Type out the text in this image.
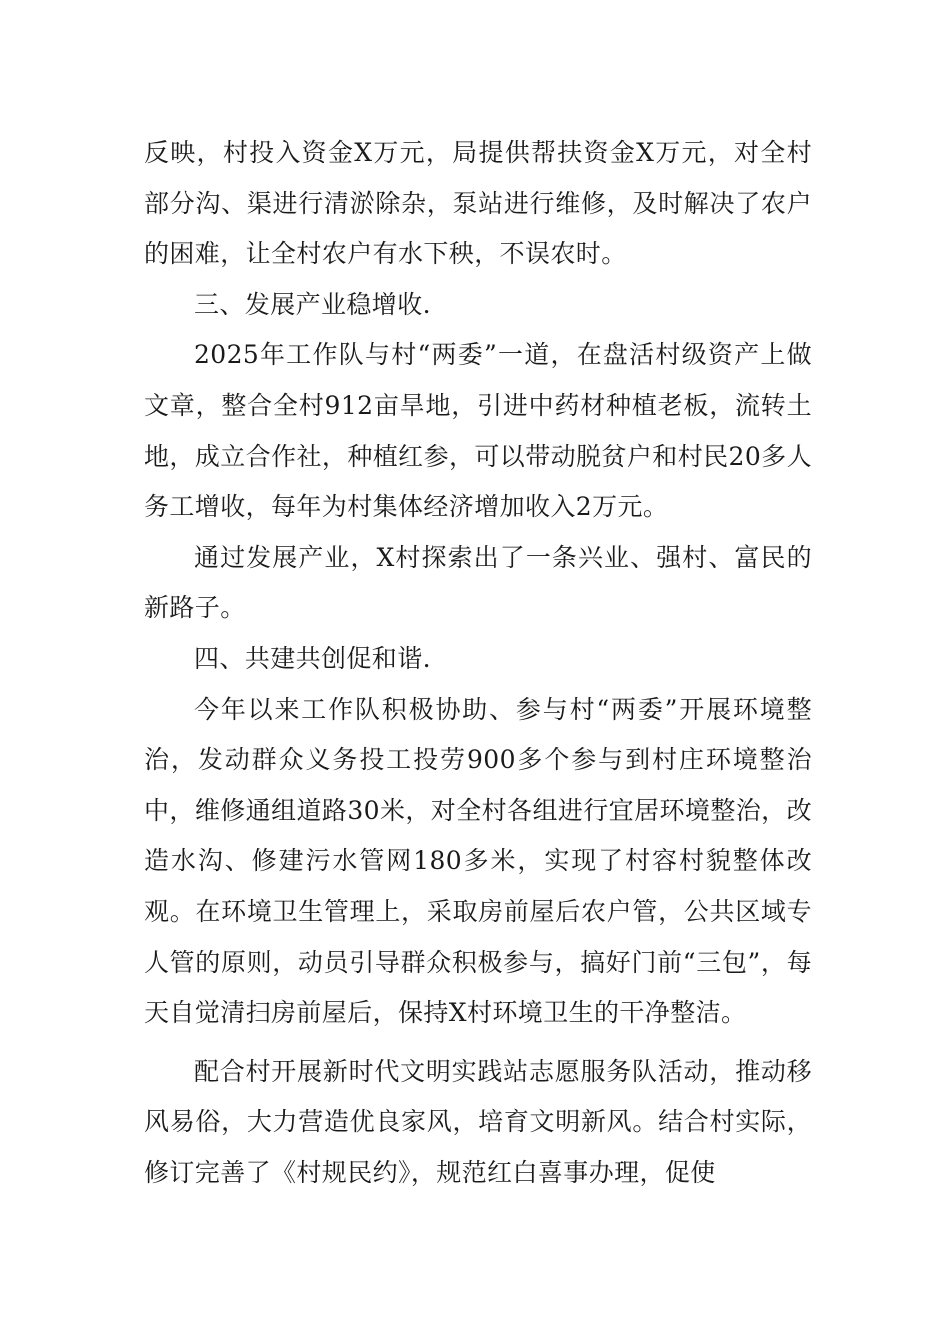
反映，村投入资金X万元，局提供帮扶资金X万元，对全村部分沟、渠进行清淤除杂，泵站进行维修，及时解决了农户的困难，让全村农户有水下秧，不误农时。

三、发展产业稳增收.

2025年工作队与村“两委”一道，在盘活村级资产上做文章，整合全村912亩旱地，引进中药材种植老板，流转土地，成立合作社，种植红参，可以带动脱贫户和村民20多人务工增收，每年为村集体经济增加收入2万元。

通过发展产业，X村探索出了一条兴业、强村、富民的新路子。

四、共建共创促和谐.

今年以来工作队积极协助、参与村“两委”开展环境整治，发动群众义务投工投劳900多个参与到村庄环境整治中，维修通组道路30米，对全村各组进行宜居环境整治，改造水沟、修建污水管网180多米，实现了村容村貌整体改观。在环境卫生管理上，采取房前屋后农户管，公共区域专人管的原则，动员引导群众积极参与，搞好门前“三包”，每天自觉清扫房前屋后，保持X村环境卫生的干净整洁。

配合村开展新时代文明实践站志愿服务队活动，推动移风易俗，大力营造优良家风，培育文明新风。结合村实际，修订完善了《村规民约》，规范红白喜事办理，促使
